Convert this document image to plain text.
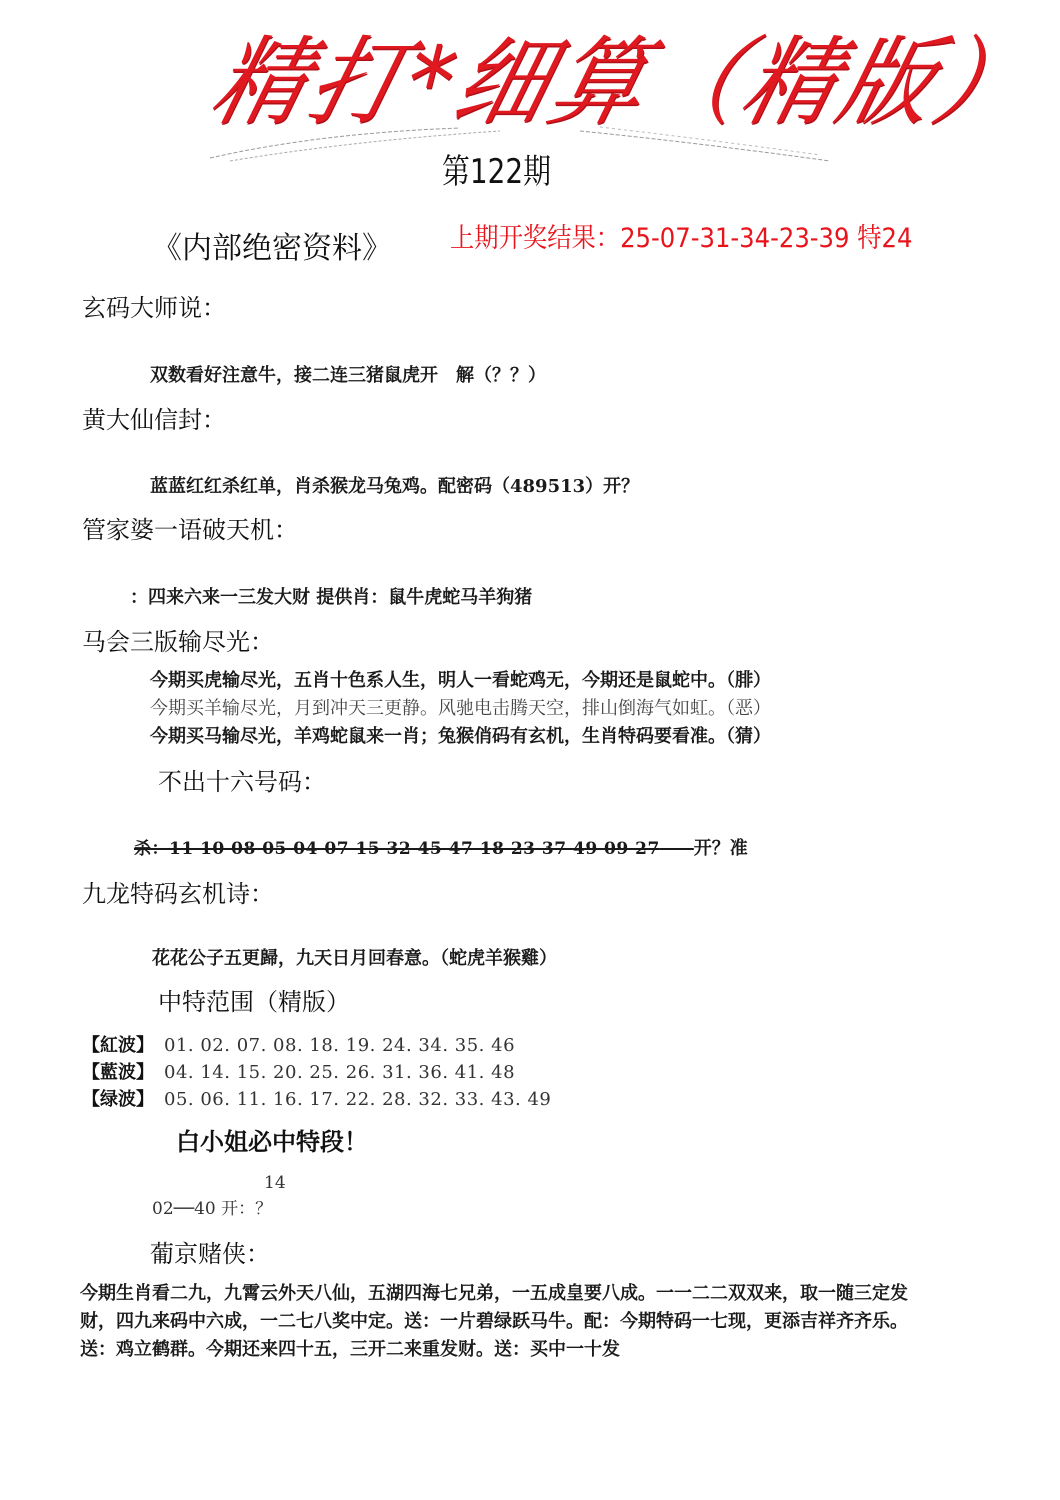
精打*细算（精版）
第122期
《内部绝密资料》 上期开奖结果：25-07-31-34-23-39 特24
玄码大师说：
双数看好注意牛，接二连三猪鼠虎开　解（？？）
黄大仙信封：
蓝蓝红红杀红单，肖杀猴龙马兔鸡。配密码（489513）开？
管家婆一语破天机：
：四来六来一三发大财 提供肖：鼠牛虎蛇马羊狗猪
马会三版输尽光：
今期买虎输尽光，五肖十色系人生，明人一看蛇鸡无，今期还是鼠蛇中。（腓）
今期买羊输尽光，月到冲天三更静。风驰电击腾天空，排山倒海气如虹。（恶）
今期买马输尽光，羊鸡蛇鼠来一肖；兔猴俏码有玄机，生肖特码要看准。（猜）
不出十六号码：
杀：11 10 08 05 04 07 15 32 45 47 18 23 37 49 09 27　　 开？准
九龙特码玄机诗：
花花公子五更歸，九天日月回春意。（蛇虎羊猴雞）
中特范围（精版）
【紅波】 01. 02. 07. 08. 18. 19. 24. 34. 35. 46
【藍波】 04. 14. 15. 20. 25. 26. 31. 36. 41. 48
【绿波】 05. 06. 11. 16. 17. 22. 28. 32. 33. 43. 49
白小姐必中特段！
14
02──40 开：？
葡京赌侠：
今期生肖看二九，九霄云外天八仙，五湖四海七兄弟，一五成皇要八成。一一二二双双来，取一随三定发
财，四九来码中六成，一二七八奖中定。送：一片碧绿跃马牛。配：今期特码一七现，更添吉祥齐齐乐。
送：鸡立鹤群。今期还来四十五，三开二来重发财。送：买中一十发
